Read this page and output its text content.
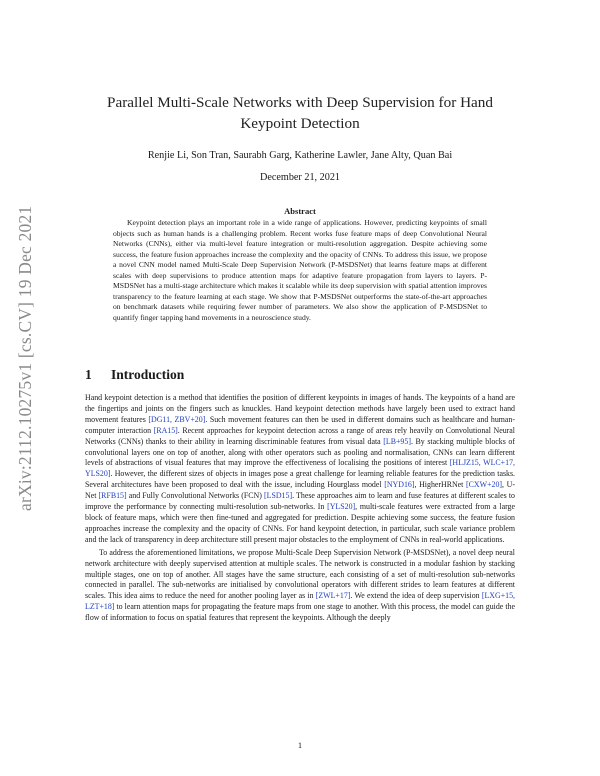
arXiv:2112.10275v1 [cs.CV] 19 Dec 2021
Parallel Multi-Scale Networks with Deep Supervision for Hand Keypoint Detection
Renjie Li, Son Tran, Saurabh Garg, Katherine Lawler, Jane Alty, Quan Bai
December 21, 2021
Abstract
Keypoint detection plays an important role in a wide range of applications. However, predicting keypoints of small objects such as human hands is a challenging problem. Recent works fuse feature maps of deep Convolutional Neural Networks (CNNs), either via multi-level feature integration or multi-resolution aggregation. Despite achieving some success, the feature fusion approaches increase the complexity and the opacity of CNNs. To address this issue, we propose a novel CNN model named Multi-Scale Deep Supervision Network (P-MSDSNet) that learns feature maps at different scales with deep supervisions to produce attention maps for adaptive feature propagation from layers to layers. P-MSDSNet has a multi-stage architecture which makes it scalable while its deep supervision with spatial attention improves transparency to the feature learning at each stage. We show that P-MSDSNet outperforms the state-of-the-art approaches on benchmark datasets while requiring fewer number of parameters. We also show the application of P-MSDSNet to quantify finger tapping hand movements in a neuroscience study.
1 Introduction

Hand keypoint detection is a method that identifies the position of different keypoints in images of hands. The keypoints of a hand are the fingertips and joints on the fingers such as knuckles. Hand keypoint detection methods have largely been used to extract hand movement features [DG11, ZBV+20]. Such movement features can then be used in different domains such as healthcare and human-computer interaction [RA15]. Recent approaches for keypoint detection across a range of areas rely heavily on Convolutional Neural Networks (CNNs) thanks to their ability in learning discriminable features from visual data [LB+95]. By stacking multiple blocks of convolutional layers one on top of another, along with other operators such as pooling and normalisation, CNNs can learn different levels of abstractions of visual features that may improve the effectiveness of localising the positions of interest [HLJZ15, WLC+17, YLS20]. However, the different sizes of objects in images pose a great challenge for learning reliable features for the prediction tasks. Several architectures have been proposed to deal with the issue, including Hourglass model [NYD16], HigherHRNet [CXW+20], U-Net [RFB15] and Fully Convolutional Networks (FCN) [LSD15]. These approaches aim to learn and fuse features at different scales to improve the performance by connecting multi-resolution sub-networks. In [YLS20], multi-scale features were extracted from a large block of feature maps, which were then fine-tuned and aggregated for prediction. Despite achieving some success, the feature fusion approaches increase the complexity and the opacity of CNNs. For hand keypoint detection, in particular, such scale variance problem and the lack of transparency in deep architecture still present major obstacles to the employment of CNNs in real-world applications.

To address the aforementioned limitations, we propose Multi-Scale Deep Supervision Network (P-MSDSNet), a novel deep neural network architecture with deeply supervised attention at multiple scales. The network is constructed in a modular fashion by stacking multiple stages, one on top of another. All stages have the same structure, each consisting of a set of multi-resolution sub-networks connected in parallel. The sub-networks are initialised by convolutional operators with different strides to learn features at different scales. This idea aims to reduce the need for another pooling layer as in [ZWL+17]. We extend the idea of deep supervision [LXG+15, LZT+18] to learn attention maps for propagating the feature maps from one stage to another. With this process, the model can guide the flow of information to focus on spatial features that represent the keypoints. Although the deeply

1
